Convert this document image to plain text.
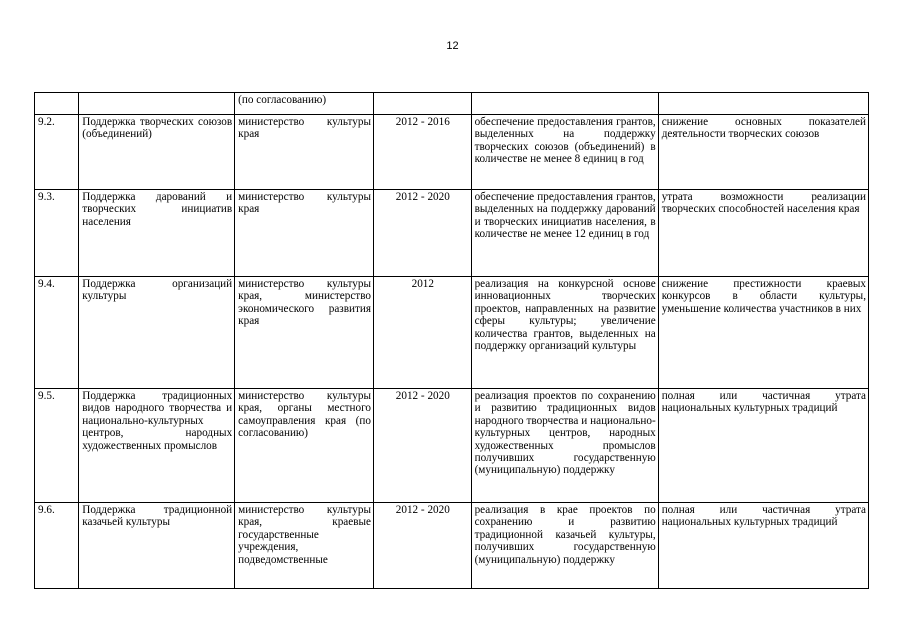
12
		(по согласованию)			
9.2.	Поддержка творческих союзов (объединений)	министерство культуры края	2012 - 2016	обеспечение предоставления грантов, выделенных на поддержку творческих союзов (объединений) в количестве не менее 8 единиц в год	снижение основных показателей деятельности творческих союзов
9.3.	Поддержка дарований и творческих инициатив населения	министерство культуры края	2012 - 2020	обеспечение предоставления грантов, выделенных на поддержку дарований и творческих инициатив населения, в количестве не менее 12 единиц в год	утрата возможности реализации творческих способностей населения края
9.4.	Поддержка организаций культуры	министерство культуры края, министерство экономического развития края	2012	реализация на конкурсной основе инновационных творческих проектов, направленных на развитие сферы культуры; увеличение количества грантов, выделенных на поддержку организаций культуры	снижение престижности краевых конкурсов в области культуры, уменьшение количества участников в них
9.5.	Поддержка традиционных видов народного творчества и национально-культурных центров, народных художественных промыслов	министерство культуры края, органы местного самоуправления края (по согласованию)	2012 - 2020	реализация проектов по сохранению и развитию традиционных видов народного творчества и национально-культурных центров, народных художественных промыслов получивших государственную (муниципальную) поддержку	полная или частичная утрата национальных культурных традиций
9.6.	Поддержка традиционной казачьей культуры	министерство культуры края, краевые государственные учреждения, подведомственные	2012 - 2020	реализация в крае проектов по сохранению и развитию традиционной казачьей культуры, получивших государственную (муниципальную) поддержку	полная или частичная утрата национальных культурных традиций
